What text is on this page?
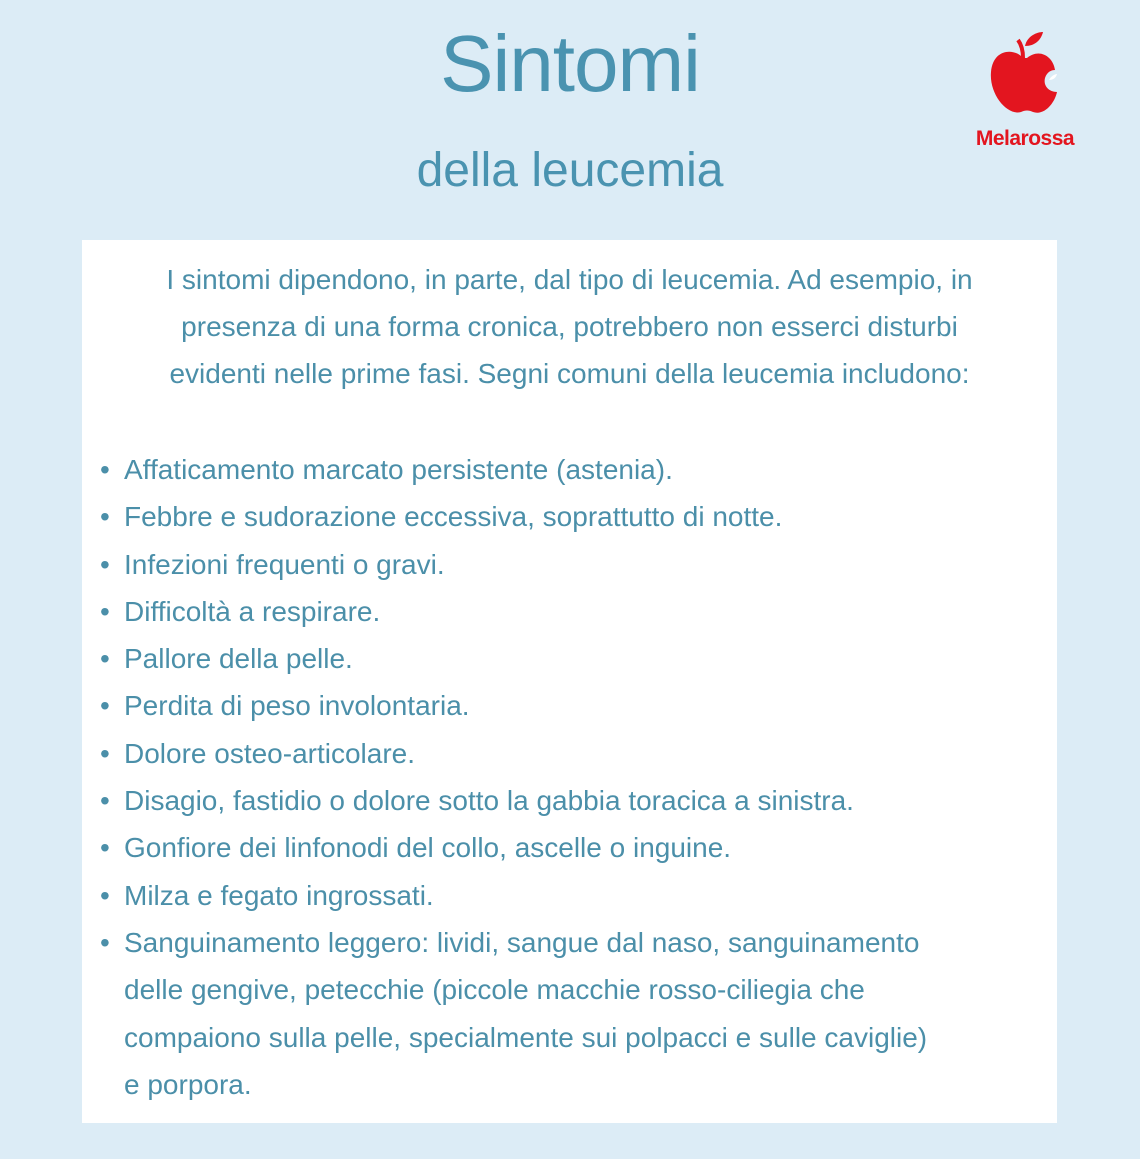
Sintomi
della leucemia
Melarossa
I sintomi dipendono, in parte, dal tipo di leucemia. Ad esempio, in
presenza di una forma cronica, potrebbero non esserci disturbi
evidenti nelle prime fasi. Segni comuni della leucemia includono:
• Affaticamento marcato persistente (astenia).
• Febbre e sudorazione eccessiva, soprattutto di notte.
• Infezioni frequenti o gravi.
• Difficoltà a respirare.
• Pallore della pelle.
• Perdita di peso involontaria.
• Dolore osteo-articolare.
• Disagio, fastidio o dolore sotto la gabbia toracica a sinistra.
• Gonfiore dei linfonodi del collo, ascelle o inguine.
• Milza e fegato ingrossati.
• Sanguinamento leggero: lividi, sangue dal naso, sanguinamento
delle gengive, petecchie (piccole macchie rosso-ciliegia che
compaiono sulla pelle, specialmente sui polpacci e sulle caviglie)
e porpora.
